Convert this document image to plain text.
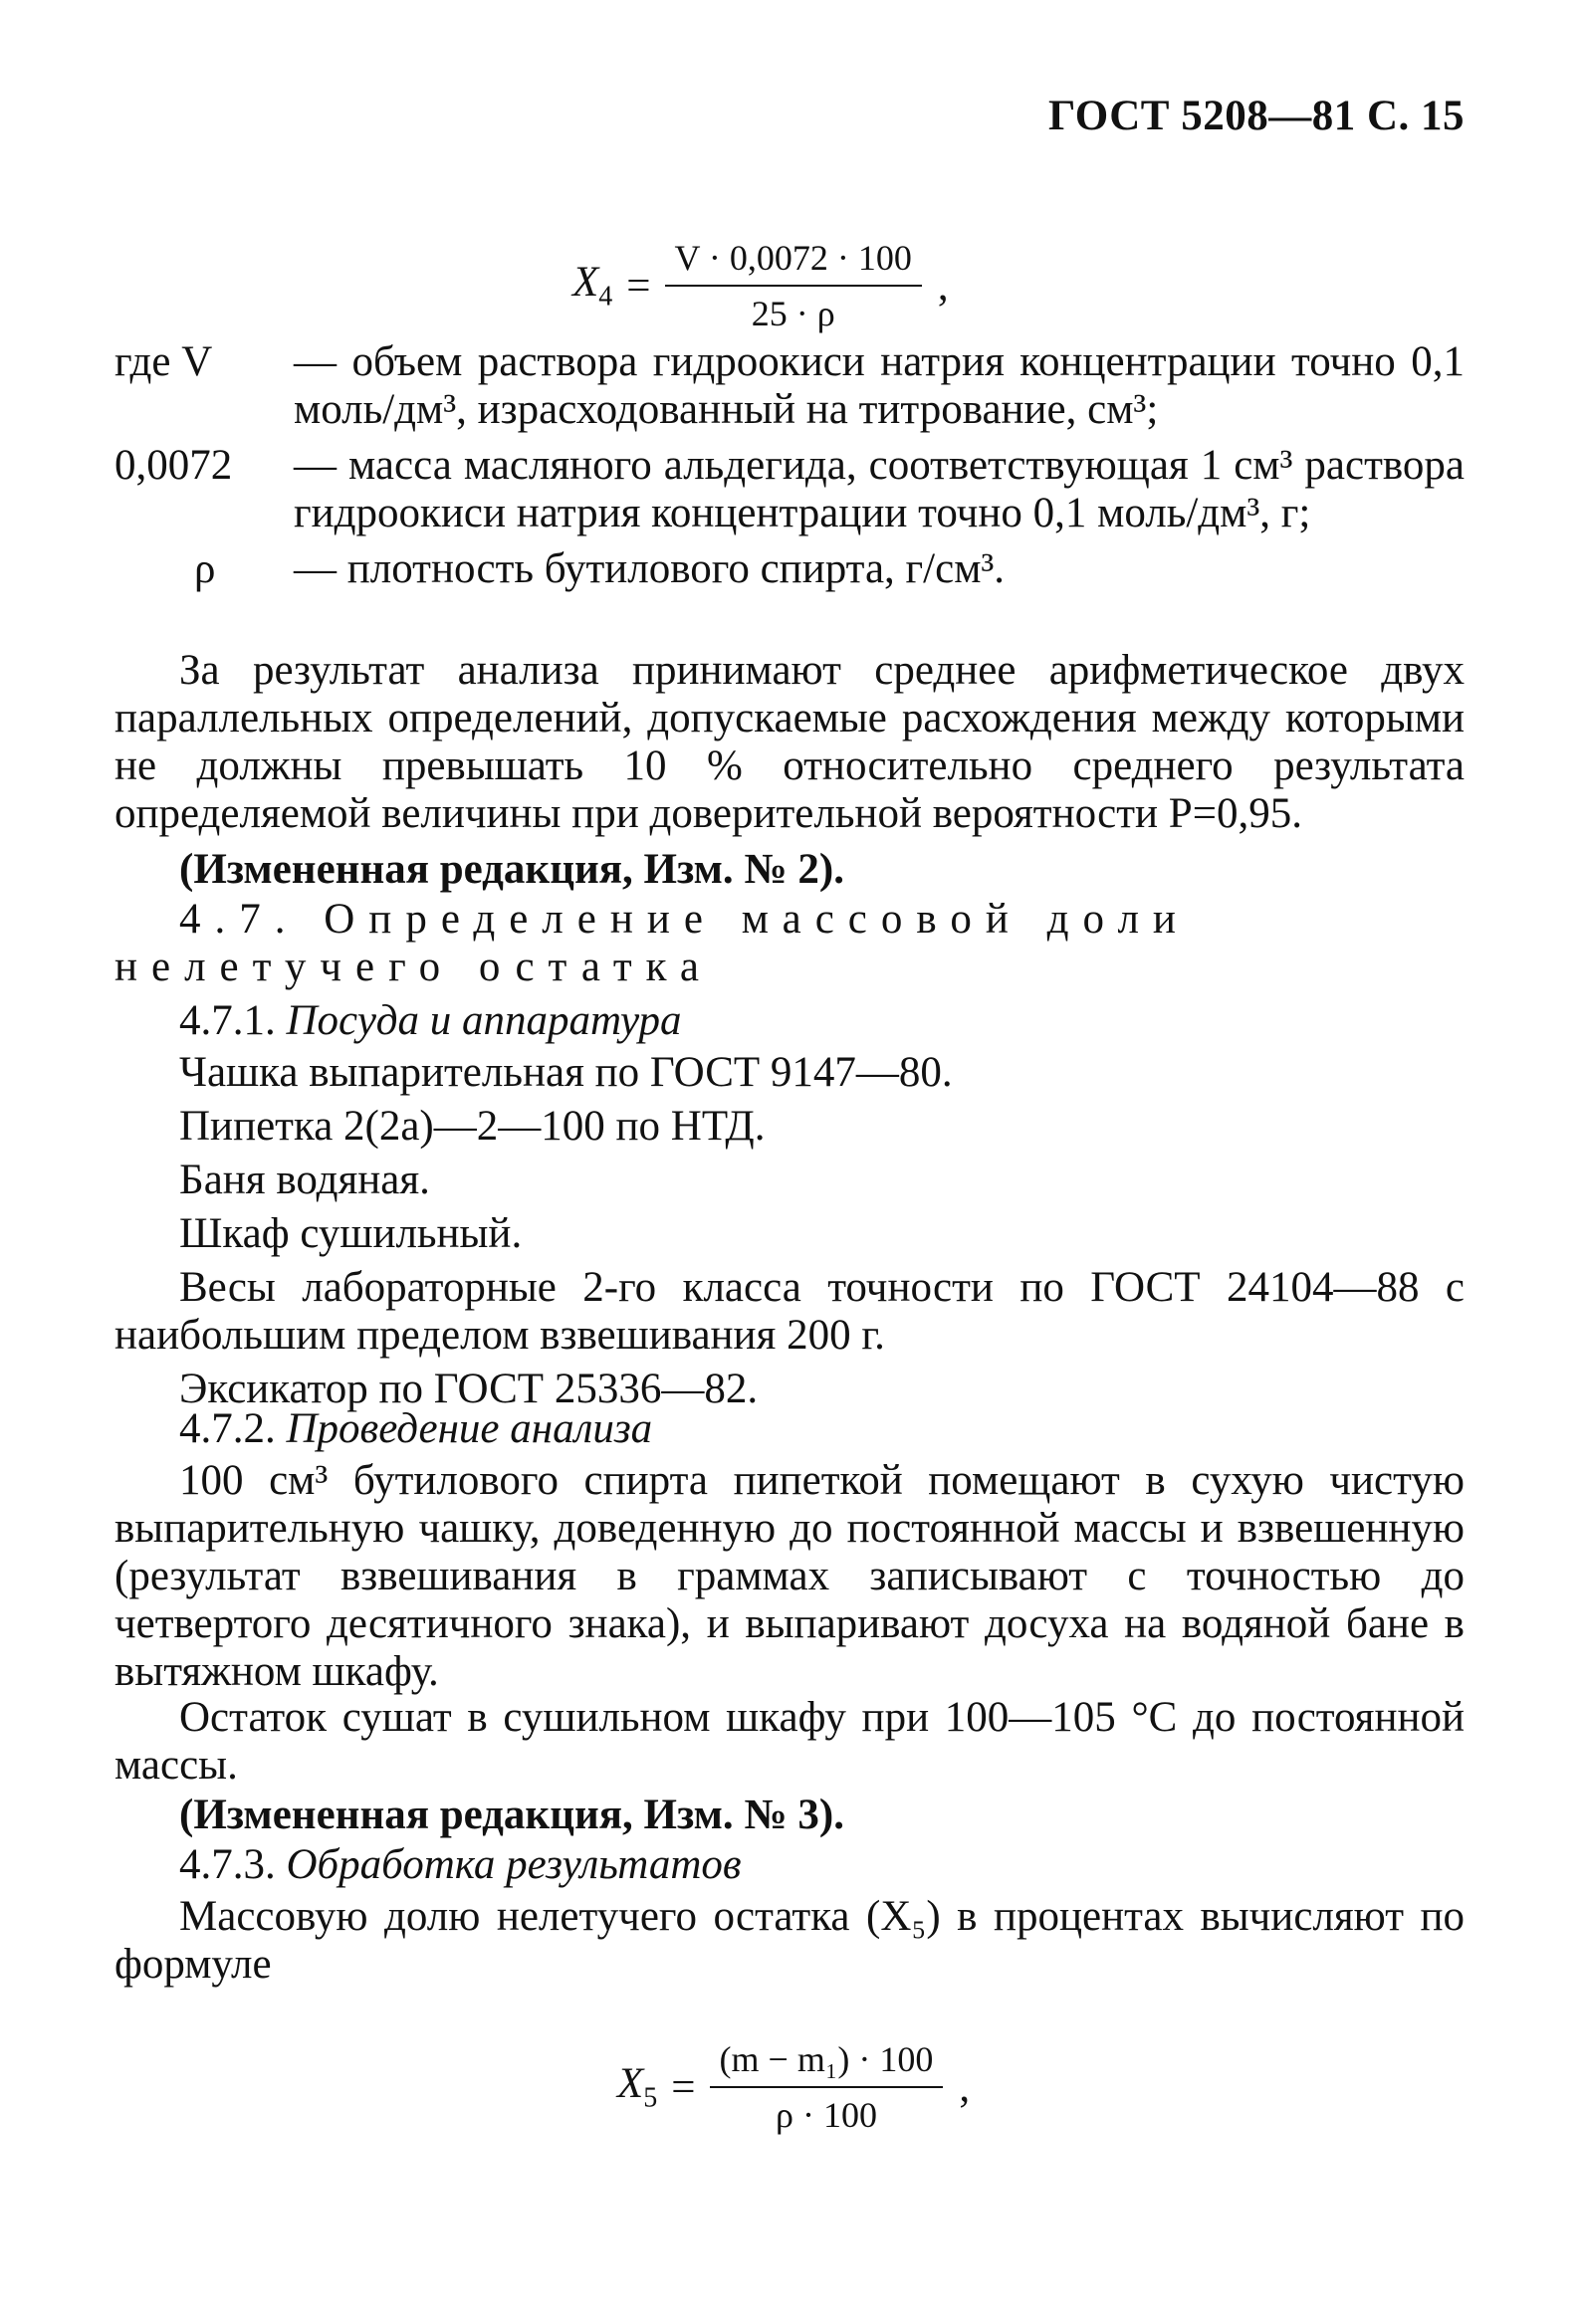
ГОСТ 5208—81 С. 15
$X_4 = \frac{V \cdot 0,0072 \cdot 100}{25 \cdot \rho}$ ,
где V	— объем раствора гидроокиси натрия концентрации точно 0,1 моль/дм³, израсходованный на титрование, см³;
0,0072	— масса масляного альдегида, соответствующая 1 см³ раствора гидроокиси натрия концентрации точно 0,1 моль/дм³, г;
ρ	— плотность бутилового спирта, г/см³.
За результат анализа принимают среднее арифметическое двух параллельных определений, допускаемые расхождения между которыми не должны превышать 10 % относительно среднего результата определяемой величины при доверительной вероятности P=0,95.
(Измененная редакция, Изм. № 2).
4.7. Определение массовой доли нелетучего остатка
4.7.1. Посуда и аппаратура
Чашка выпарительная по ГОСТ 9147—80.
Пипетка 2(2а)—2—100 по НТД.
Баня водяная.
Шкаф сушильный.
Весы лабораторные 2-го класса точности по ГОСТ 24104—88 с наибольшим пределом взвешивания 200 г.
Эксикатор по ГОСТ 25336—82.
4.7.2. Проведение анализа
100 см³ бутилового спирта пипеткой помещают в сухую чистую выпарительную чашку, доведенную до постоянной массы и взвешенную (результат взвешивания в граммах записывают с точностью до четвертого десятичного знака), и выпаривают досуха на водяной бане в вытяжном шкафу.
Остаток сушат в сушильном шкафу при 100—105 °С до постоянной массы.
(Измененная редакция, Изм. № 3).
4.7.3. Обработка результатов
Массовую долю нелетучего остатка (X₅) в процентах вычисляют по формуле
$X_5 = \frac{\text{(m − m₁) · 100}}{\rho \cdot 100}$ ,
